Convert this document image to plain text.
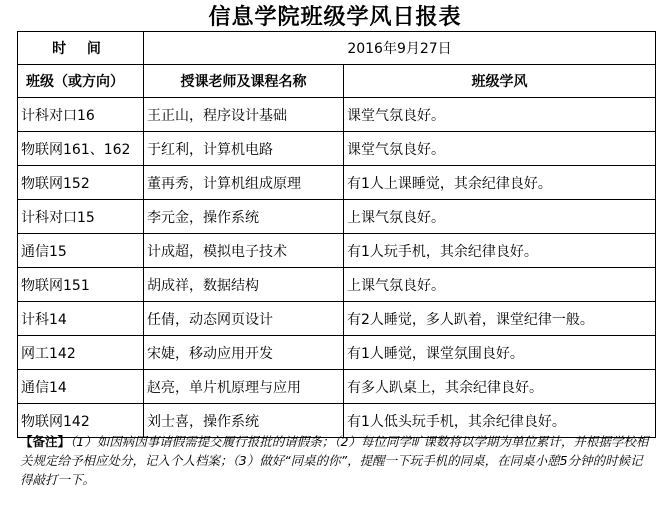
信息学院班级学风日报表
时 间	2016年9月27日	
班级（或方向）	授课老师及课程名称	班级学风
计科对口16	王正山，程序设计基础	课堂气氛良好。
物联网161、162	于红利，计算机电路	课堂气氛良好。
物联网152	董再秀，计算机组成原理	有1人上课睡觉，其余纪律良好。
计科对口15	李元金，操作系统	上课气氛良好。
通信15	计成超，模拟电子技术	有1人玩手机，其余纪律良好。
物联网151	胡成祥，数据结构	上课气氛良好。
计科14	任倩，动态网页设计	有2人睡觉，多人趴着，课堂纪律一般。
网工142	宋婕，移动应用开发	有1人睡觉，课堂氛围良好。
通信14	赵亮，单片机原理与应用	有多人趴桌上，其余纪律良好。
物联网142	刘士喜，操作系统	有1人低头玩手机，其余纪律良好。
【备注】（1）如因病因事请假需提交履行报批的请假条；（2）每位同学旷课数将以学期为单位累计，并根据学校相关规定给予相应处分，记入个人档案；（3）做好“同桌的你”，提醒一下玩手机的同桌，在同桌小憩5分钟的时候记得敲打一下。
